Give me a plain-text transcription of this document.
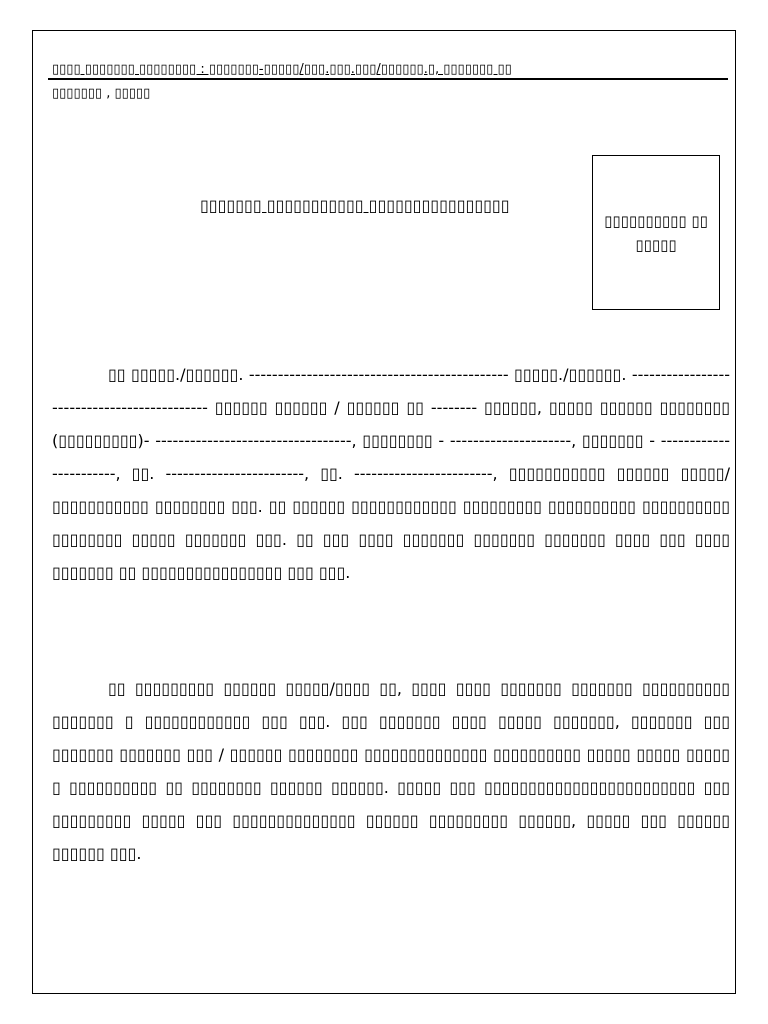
▯▯▯▯ ▯▯▯▯▯▯▯ ▯▯▯▯▯▯▯▯ : ▯▯▯▯▯▯▯-▯▯▯▯▯/▯▯▯.▯▯▯.▯▯▯/▯▯▯▯▯▯.▯, ▯▯▯▯▯▯▯ ▯▯
▯▯▯▯▯▯▯ , ▯▯▯▯▯
▯▯▯▯▯▯▯ ▯▯▯▯▯▯▯▯▯▯▯ ▯▯▯▯▯▯▯▯▯▯▯▯▯▯▯▯
▯▯▯▯▯▯▯▯▯▯ ▯▯ ▯▯▯▯▯

▯▯ ▯▯▯▯▯./▯▯▯▯▯▯. --------------------------------------------- ▯▯▯▯▯./▯▯▯▯▯▯. -------------------------------------------- ▯▯▯▯▯▯ ▯▯▯▯▯▯ / ▯▯▯▯▯▯ ▯▯ -------- ▯▯▯▯▯▯, ▯▯▯▯▯ ▯▯▯▯▯▯ ▯▯▯▯▯▯▯▯ (▯▯▯▯▯▯▯▯▯)- ----------------------------------, ▯▯▯▯▯▯▯▯ - ---------------------, ▯▯▯▯▯▯▯ - -----------------------, ▯▯. ------------------------, ▯▯. ------------------------, ▯▯▯▯▯▯▯▯▯▯▯ ▯▯▯▯▯▯ ▯▯▯▯▯/▯▯▯▯▯▯▯▯▯▯▯ ▯▯▯▯▯▯▯▯ ▯▯▯. ▯▯ ▯▯▯▯▯▯ ▯▯▯▯▯▯▯▯▯▯▯▯ ▯▯▯▯▯▯▯▯▯ ▯▯▯▯▯▯▯▯▯▯ ▯▯▯▯▯▯▯▯▯▯ ▯▯▯▯▯▯▯▯ ▯▯▯▯▯ ▯▯▯▯▯▯▯ ▯▯▯. ▯▯ ▯▯▯ ▯▯▯▯ ▯▯▯▯▯▯▯ ▯▯▯▯▯▯▯ ▯▯▯▯▯▯▯ ▯▯▯▯ ▯▯▯ ▯▯▯▯ ▯▯▯▯▯▯▯ ▯▯ ▯▯▯▯▯▯▯▯▯▯▯▯▯▯▯▯ ▯▯▯ ▯▯▯.

▯▯ ▯▯▯▯▯▯▯▯▯ ▯▯▯▯▯▯ ▯▯▯▯▯/▯▯▯▯ ▯▯, ▯▯▯▯ ▯▯▯▯ ▯▯▯▯▯▯▯ ▯▯▯▯▯▯▯ ▯▯▯▯▯▯▯▯▯▯ ▯▯▯▯▯▯▯ ▯ ▯▯▯▯▯▯▯▯▯▯▯▯ ▯▯▯ ▯▯▯. ▯▯▯ ▯▯▯▯▯▯▯ ▯▯▯▯ ▯▯▯▯▯ ▯▯▯▯▯▯▯, ▯▯▯▯▯▯▯ ▯▯▯ ▯▯▯▯▯▯▯ ▯▯▯▯▯▯▯ ▯▯▯ / ▯▯▯▯▯▯ ▯▯▯▯▯▯▯▯ ▯▯▯▯▯▯▯▯▯▯▯▯▯▯ ▯▯▯▯▯▯▯▯▯▯ ▯▯▯▯▯ ▯▯▯▯▯ ▯▯▯▯▯ ▯ ▯▯▯▯▯▯▯▯▯▯ ▯▯ ▯▯▯▯▯▯▯▯ ▯▯▯▯▯▯ ▯▯▯▯▯▯. ▯▯▯▯▯ ▯▯▯ ▯▯▯▯▯▯▯▯▯▯▯▯▯▯▯▯▯▯▯▯▯▯▯▯ ▯▯▯ ▯▯▯▯▯▯▯▯▯ ▯▯▯▯▯ ▯▯▯ ▯▯▯▯▯▯▯▯▯▯▯▯▯▯ ▯▯▯▯▯▯ ▯▯▯▯▯▯▯▯▯ ▯▯▯▯▯▯, ▯▯▯▯▯ ▯▯▯ ▯▯▯▯▯▯ ▯▯▯▯▯▯ ▯▯▯.
